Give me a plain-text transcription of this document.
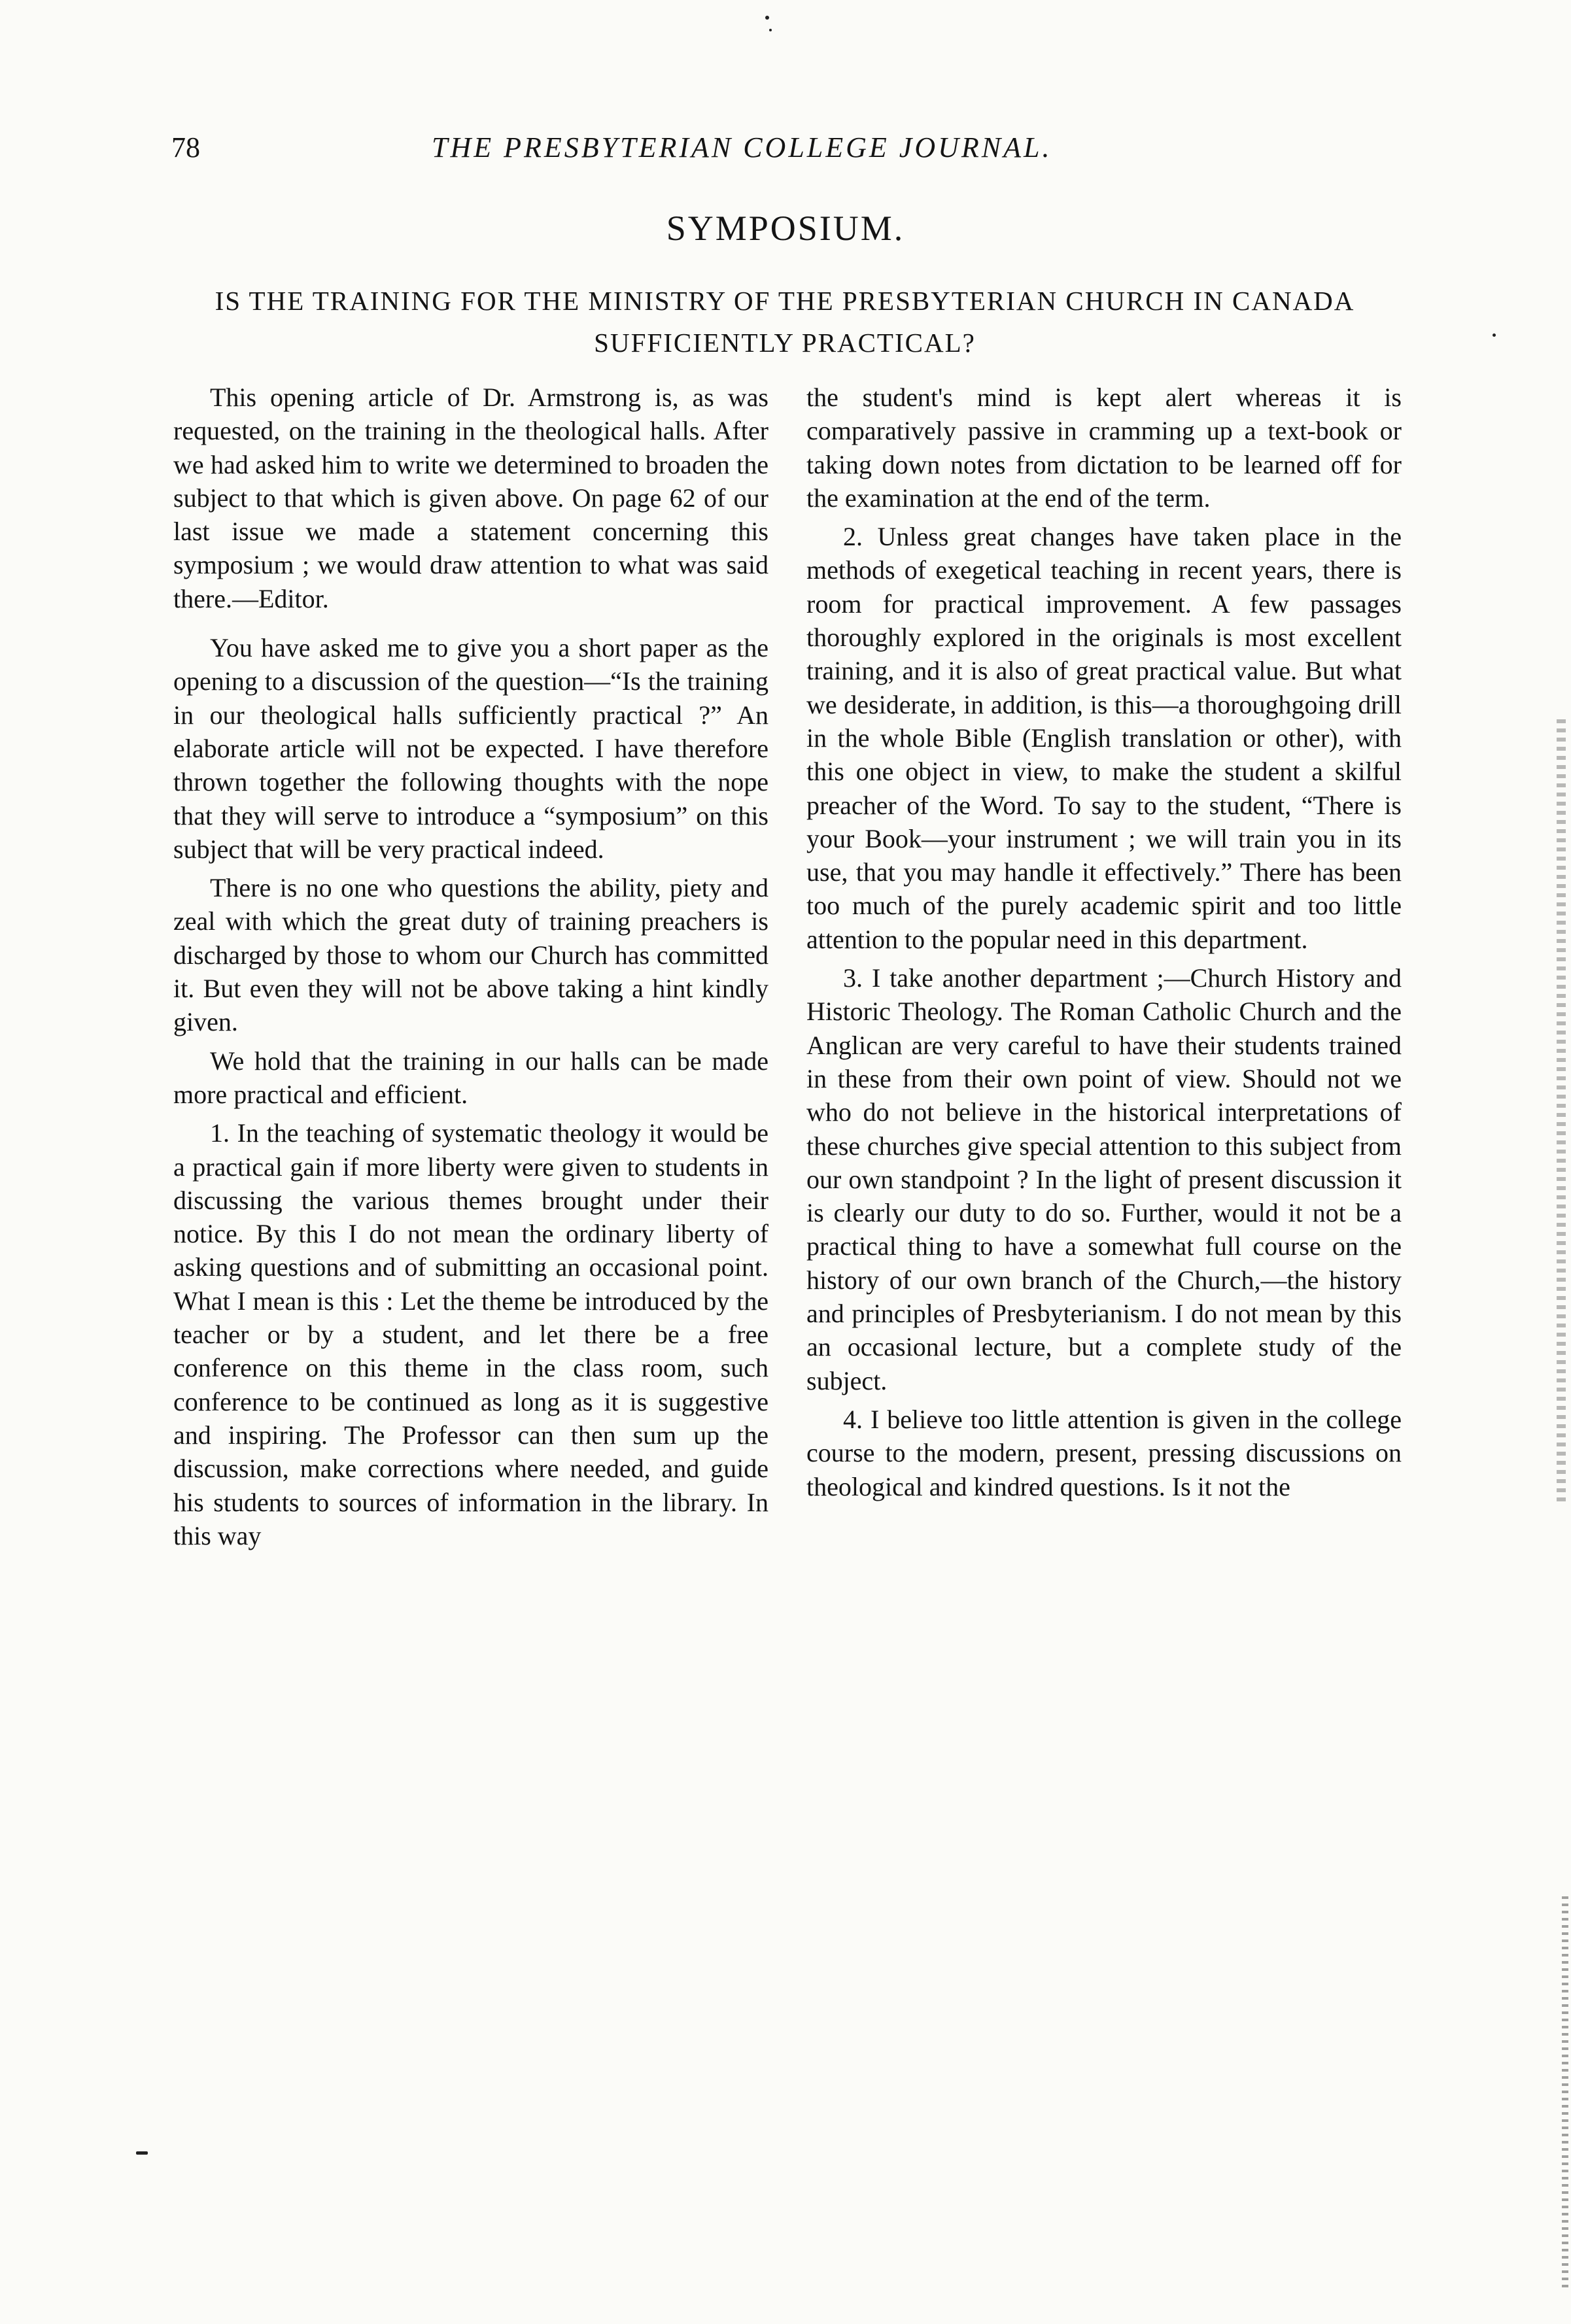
78	THE PRESBYTERIAN COLLEGE JOURNAL.
SYMPOSIUM.
IS THE TRAINING FOR THE MINISTRY OF THE PRESBYTERIAN CHURCH IN CANADA SUFFICIENTLY PRACTICAL?

This opening article of Dr. Armstrong is, as was requested, on the training in the theological halls. After we had asked him to write we determined to broaden the subject to that which is given above. On page 62 of our last issue we made a statement concerning this symposium ; we would draw attention to what was said there.—Editor.

You have asked me to give you a short paper as the opening to a discussion of the question—“Is the training in our theological halls sufficiently practical ?” An elaborate article will not be expected. I have therefore thrown together the following thoughts with the nope that they will serve to introduce a “symposium” on this subject that will be very practical indeed.

There is no one who questions the ability, piety and zeal with which the great duty of training preachers is discharged by those to whom our Church has committed it. But even they will not be above taking a hint kindly given.

We hold that the training in our halls can be made more practical and efficient.

1. In the teaching of systematic theology it would be a practical gain if more liberty were given to students in discussing the various themes brought under their notice. By this I do not mean the ordinary liberty of asking questions and of submitting an occasional point. What I mean is this : Let the theme be introduced by the teacher or by a student, and let there be a free conference on this theme in the class room, such conference to be continued as long as it is suggestive and inspiring. The Professor can then sum up the discussion, make corrections where needed, and guide his students to sources of information in the library. In this way

the student's mind is kept alert whereas it is comparatively passive in cramming up a text-book or taking down notes from dictation to be learned off for the examination at the end of the term.

2. Unless great changes have taken place in the methods of exegetical teaching in recent years, there is room for practical improvement. A few passages thoroughly explored in the originals is most excellent training, and it is also of great practical value. But what we desiderate, in addition, is this—a thoroughgoing drill in the whole Bible (English translation or other), with this one object in view, to make the student a skilful preacher of the Word. To say to the student, “There is your Book—your instrument ; we will train you in its use, that you may handle it effectively.” There has been too much of the purely academic spirit and too little attention to the popular need in this department.

3. I take another department ;—Church History and Historic Theology. The Roman Catholic Church and the Anglican are very careful to have their students trained in these from their own point of view. Should not we who do not believe in the historical interpretations of these churches give special attention to this subject from our own standpoint ? In the light of present discussion it is clearly our duty to do so. Further, would it not be a practical thing to have a somewhat full course on the history of our own branch of the Church,—the history and principles of Presbyterianism. I do not mean by this an occasional lecture, but a complete study of the subject.

4. I believe too little attention is given in the college course to the modern, present, pressing discussions on theological and kindred questions. Is it not the
